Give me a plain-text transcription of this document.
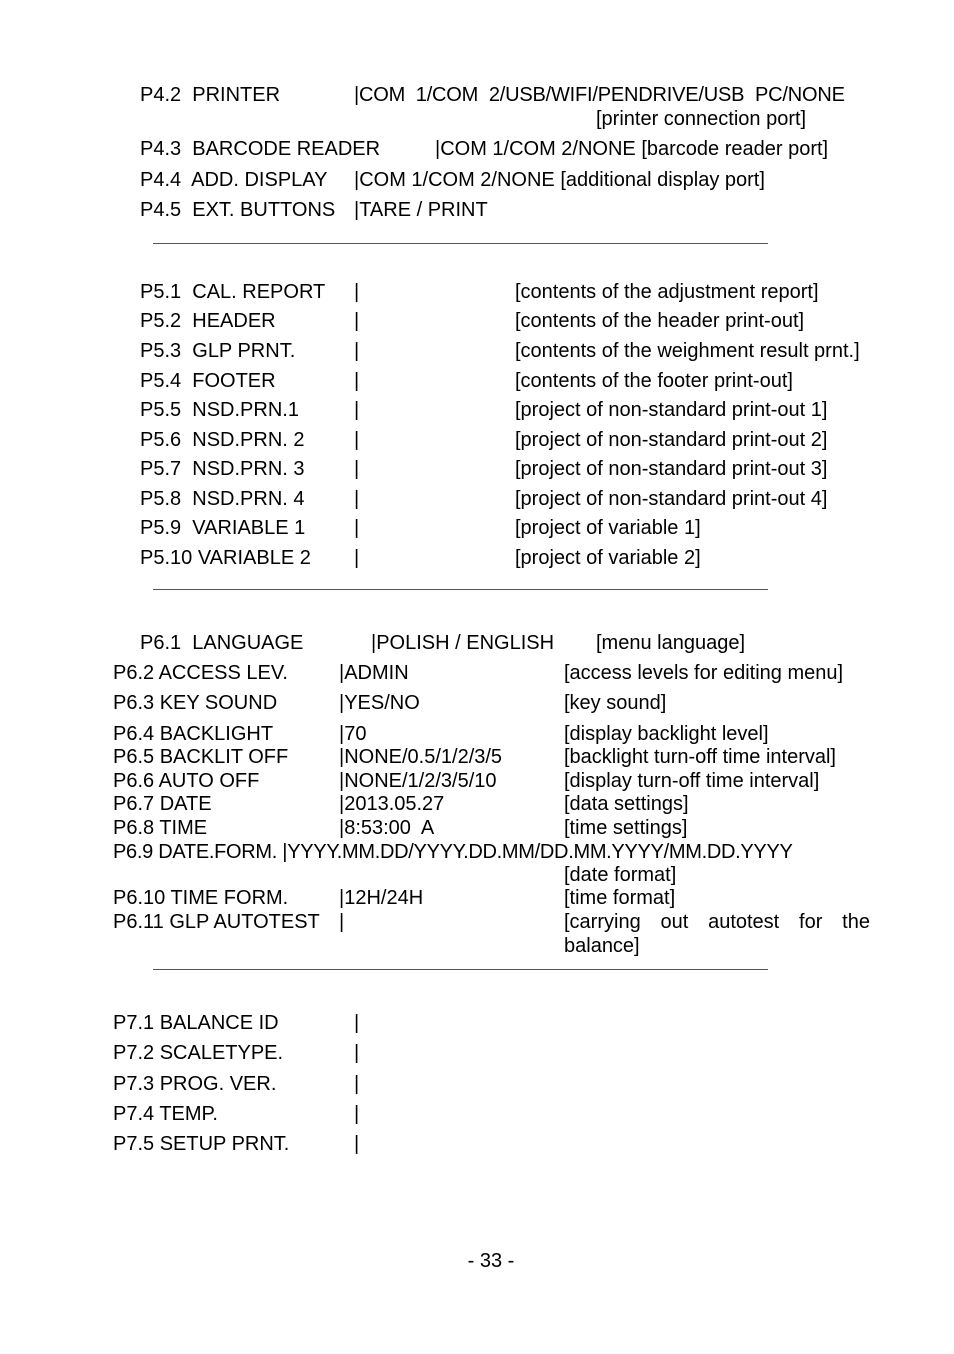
P4.2  PRINTER	|COM  1/COM  2/USB/WIFI/PENDRIVE/USB  PC/NONE
[printer connection port]
P4.3  BARCODE READER	|COM 1/COM 2/NONE [barcode reader port]
P4.4  ADD. DISPLAY |COM 1/COM 2/NONE [additional display port]
P4.5  EXT. BUTTONS |TARE / PRINT
P5.1  CAL. REPORT |	[contents of the adjustment report]
P5.2  HEADER	|	[contents of the header print-out]
P5.3  GLP PRNT.	|	[contents of the weighment result prnt.]
P5.4  FOOTER	|	[contents of the footer print-out]
P5.5  NSD.PRN.1	|	[project of non-standard print-out 1]
P5.6  NSD.PRN. 2 |	[project of non-standard print-out 2]
P5.7  NSD.PRN. 3 |	[project of non-standard print-out 3]
P5.8  NSD.PRN. 4 |	[project of non-standard print-out 4]
P5.9  VARIABLE 1 |	[project of variable 1]
P5.10 VARIABLE 2 |	[project of variable 2]
P6.1  LANGUAGE	|POLISH / ENGLISH [menu language]
P6.2 ACCESS LEV.	|ADMIN	[access levels for editing menu]
P6.3 KEY SOUND	|YES/NO	[key sound]
P6.4 BACKLIGHT	|70	[display backlight level]
P6.5 BACKLIT OFF	|NONE/0.5/1/2/3/5	[backlight turn-off time interval]
P6.6 AUTO OFF	|NONE/1/2/3/5/10	[display turn-off time interval]
P6.7 DATE	|2013.05.27	[data settings]
P6.8 TIME	|8:53:00  A	[time settings]
P6.9 DATE.FORM. |YYYY.MM.DD/YYYY.DD.MM/DD.MM.YYYY/MM.DD.YYYY
[date format]
P6.10 TIME FORM.	|12H/24H	[time format]
P6.11 GLP AUTOTEST |	[carrying out autotest for the
balance]
P7.1 BALANCE ID	|
P7.2 SCALETYPE.	|
P7.3 PROG. VER.	|
P7.4 TEMP.	|
P7.5 SETUP PRNT.	|
- 33 -
